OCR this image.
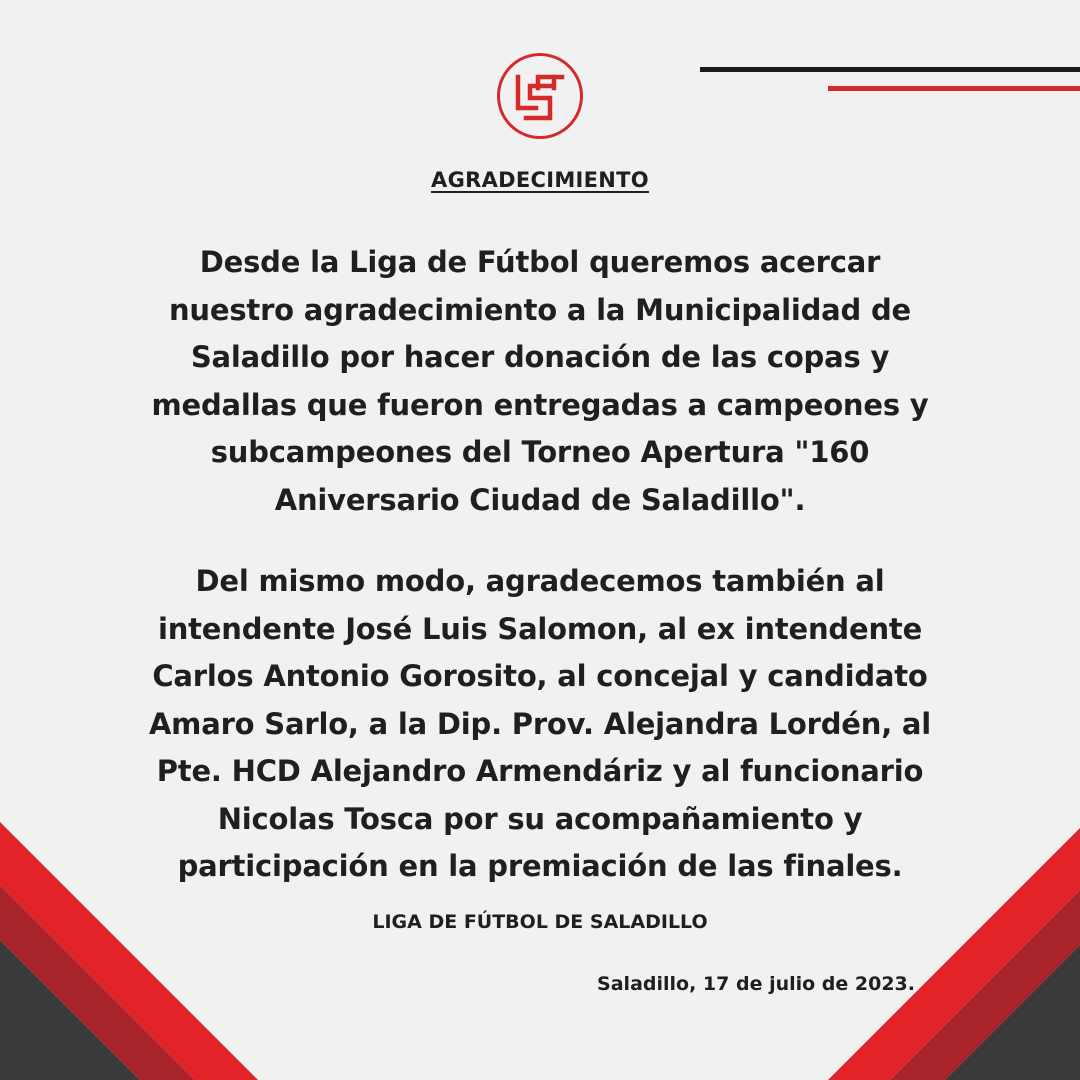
AGRADECIMIENTO
Desde la Liga de Fútbol queremos acercar
nuestro agradecimiento a la Municipalidad de
Saladillo por hacer donación de las copas y
medallas que fueron entregadas a campeones y
subcampeones del Torneo Apertura "160
Aniversario Ciudad de Saladillo".
Del mismo modo, agradecemos también al
intendente José Luis Salomon, al ex intendente
Carlos Antonio Gorosito, al concejal y candidato
Amaro Sarlo, a la Dip. Prov. Alejandra Lordén, al
Pte. HCD Alejandro Armendáriz y al funcionario
Nicolas Tosca por su acompañamiento y
participación en la premiación de las finales.
LIGA DE FÚTBOL DE SALADILLO
Saladillo, 17 de julio de 2023.
